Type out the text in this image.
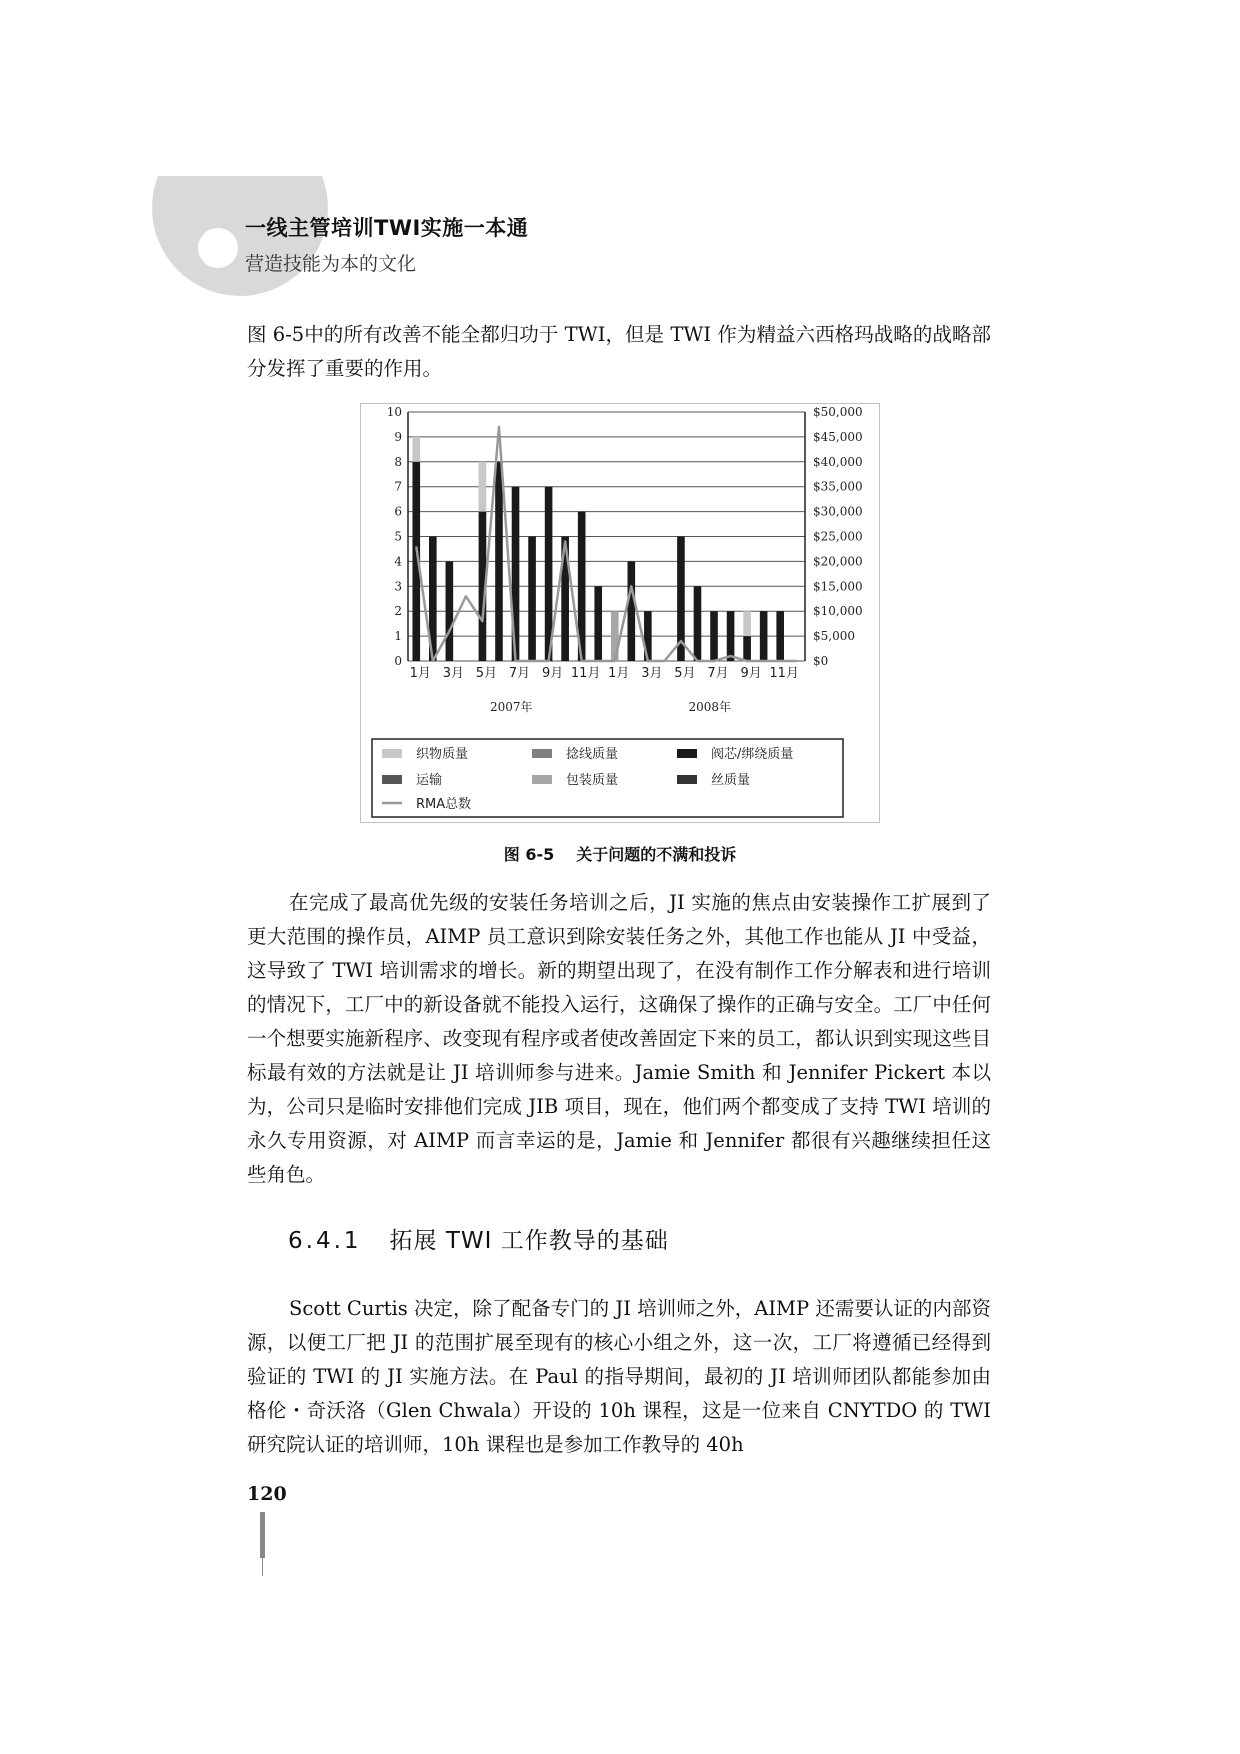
一线主管培训TWI实施一本通
营造技能为本的文化

图 6-5中的所有改善不能全都归功于 TWI，但是 TWI 作为精益六西格玛战略的战略部分发挥了重要的作用。

0	$0
1	$5,000
2	$10,000
3	$15,000
4	$20,000
5	$25,000
6	$30,000
7	$35,000
8	$40,000
9	$45,000
10	$50,000
1月 3月 5月 7月 9月 11月 1月 3月 5月 7月 9月 11月
2007年	2008年
织物质量	捻线质量	阀芯/绑绕质量
运输	包装质量	丝质量
RMA总数
图 6-5 关于问题的不满和投诉

在完成了最高优先级的安装任务培训之后，JI 实施的焦点由安装操作工扩展到了更大范围的操作员，AIMP 员工意识到除安装任务之外，其他工作也能从 JI 中受益，这导致了 TWI 培训需求的增长。新的期望出现了，在没有制作工作分解表和进行培训的情况下，工厂中的新设备就不能投入运行，这确保了操作的正确与安全。工厂中任何一个想要实施新程序、改变现有程序或者使改善固定下来的员工，都认识到实现这些目标最有效的方法就是让 JI 培训师参与进来。Jamie Smith 和 Jennifer Pickert 本以为，公司只是临时安排他们完成 JIB 项目，现在，他们两个都变成了支持 TWI 培训的永久专用资源，对 AIMP 而言幸运的是，Jamie 和 Jennifer 都很有兴趣继续担任这些角色。

6.4.1 拓展 TWI 工作教导的基础

Scott Curtis 决定，除了配备专门的 JI 培训师之外，AIMP 还需要认证的内部资源，以便工厂把 JI 的范围扩展至现有的核心小组之外，这一次，工厂将遵循已经得到验证的 TWI 的 JI 实施方法。在 Paul 的指导期间，最初的 JI 培训师团队都能参加由格伦・奇沃洛（Glen Chwala）开设的 10h 课程，这是一位来自 CNYTDO 的 TWI 研究院认证的培训师，10h 课程也是参加工作教导的 40h

120
